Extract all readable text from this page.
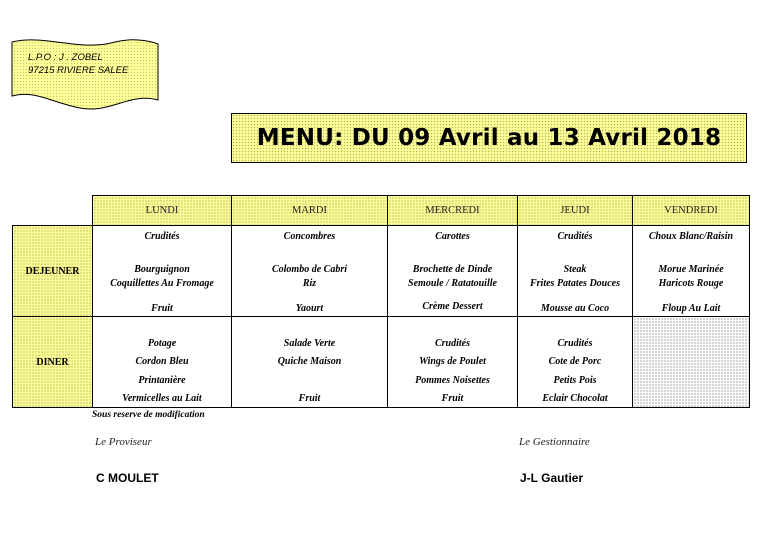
L.P.O : J . ZOBEL
97215 RIVIERE SALEE
MENU: DU 09 Avril au 13 Avril 2018
	LUNDI	MARDI	MERCREDI	JEUDI	VENDREDI
DEJEUNER	Crudités
Bourguignon
Coquillettes Au Fromage
Fruit	Concombres
Colombo de Cabri
Riz
Yaourt	Carottes
Brochette de Dinde
Semoule / Ratatouille
Crème Dessert	Crudités
Steak
Frites Patates Douces
Mousse au Coco	Choux Blanc/Raisin
Morue Marinée
Haricots Rouge
Floup Au Lait

DINER	Potage
Cordon Bleu
Printanière
Vermicelles au Lait	Salade Verte
Quiche Maison
Fruit	Crudités
Wings de Poulet
Pommes Noisettes
Fruit	Crudités
Cote de Porc
Petits Pois
Eclair Chocolat	

Sous reserve de modification
Le Proviseur	Le Gestionnaire
C MOULET	J-L Gautier
